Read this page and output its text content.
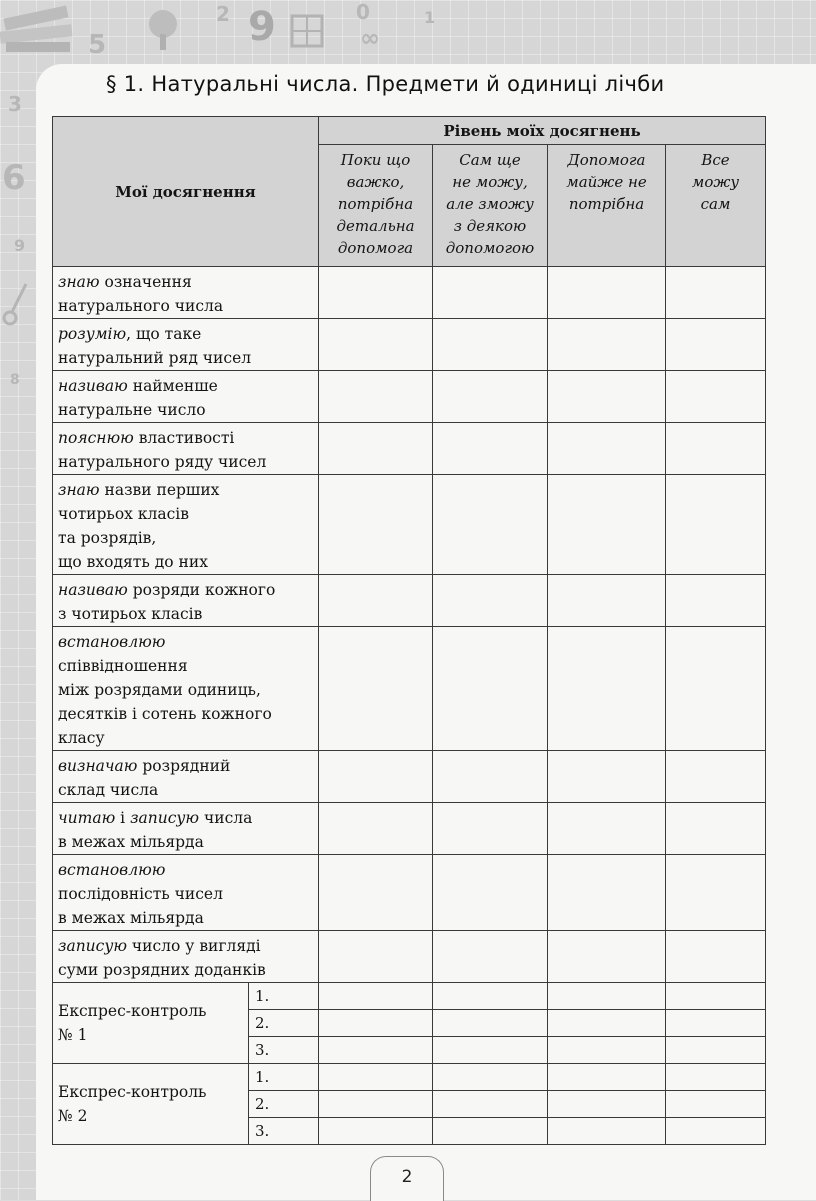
5
2 9	0
∞
1
3
6
9
8
§ 1. Натуральні числа. Предмети й одиниці лічби
Мої досягнення		Рівень моїх досягнень			

		Поки що
важко,
потрібна
детальна
допомога	Сам ще
не можу,
але зможу
з деякою
допомогою	Допомога
майже не
потрібна	Все
можу
сам

знаю означення
натурального числа					

розумію, що таке
натуральний ряд чисел					

називаю найменше
натуральне число					

пояснюю властивості
натурального ряду чисел					

знаю назви перших
чотирьох класів
та розрядів,
що входять до них					

називаю розряди кожного
з чотирьох класів					

встановлюю
співвідношення
між розрядами одиниць,
десятків і сотень кожного
класу					

визначаю розрядний
склад числа					

читаю і записую числа
в межах мільярда					

встановлюю
послідовність чисел
в межах мільярда					

записую число у вигляді
суми розрядних доданків					

Експрес-контроль
№ 1	1.				
	2.				
	3.				

Експрес-контроль
№ 2	1.				
	2.				
	3.				
2
